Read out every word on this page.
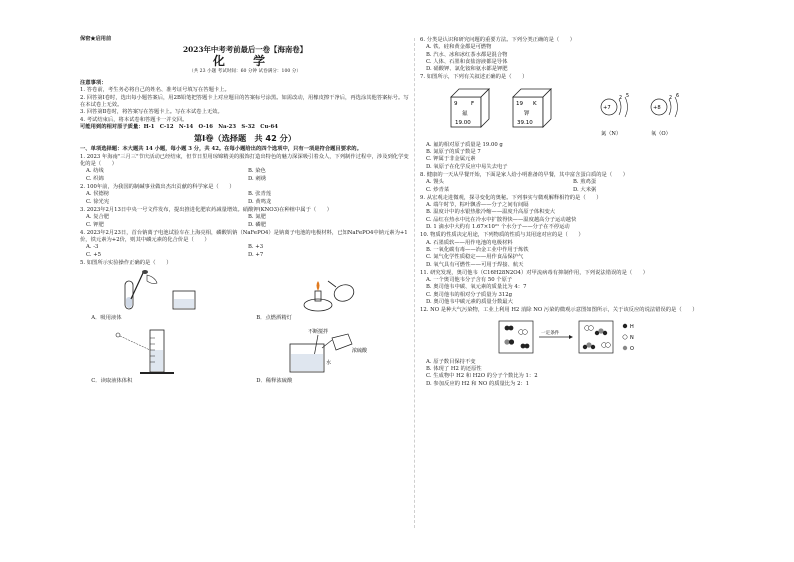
保密★启用前
2023年中考考前最后一卷【海南卷】
化 学
（共 23 小题 考试时间：60 分钟 试卷满分：100 分）
注意事项：

1. 答卷前，考生务必将自己的姓名、准考证号填写在答题卡上。

2. 回答第Ⅰ卷时，选出每小题答案后，用2B铅笔把答题卡上对应题目的答案标号涂黑。如需改动，用橡皮擦干净后，再选涂其他答案标号。写在本试卷上无效。

3. 回答第Ⅱ卷时，将答案写在答题卡上。写在本试卷上无效。

4. 考试结束后，将本试卷和答题卡一并交回。

可能用到的相对原子质量：H-1　C-12　N-14　O-16　Na-23　S-32　Cu-64
第Ⅰ卷（选择题　共 42 分）
一、单项选择题：本大题共 14 小题，每小题 3 分，共 42。在每小题给出的四个选项中，只有一项是符合题目要求的。
1. 2023 年海南"三月三"节庆活动已经结束，但节日里用琼锦精美的服饰打造出特色的魅力深深吸引着众人，下列制作过程中，涉及到化学变化的是（　　）
A. 纺线	B. 染色
C. 织锦	D. 刺绣
2. 100年前，为我国的制碱事业做出杰出贡献的科学家是（　　）
A. 侯德榜	B. 张青莲
C. 徐光宪	D. 黄鸣龙
3. 2023年2月13日中央一号文件发布，提出推进化肥农药减量增效。硝酸钾(KNO3)在种植中属于（　　）
A. 复合肥	B. 氮肥
C. 钾肥	D. 磷肥
4. 2023年2月23日，首台钠离子电池试验车在上海亮相，磷酸钒钠（NaFePO4）是钠离子电池的电极材料，已知NaFePO4中钠元素为+1价，铁元素为+2价，则其中磷元素的化合价是（　　）
A. -3	B. +3
C. +5	D. +7
5. 如图所示实验操作正确的是（　　）
A．吸用液体	B．点燃酒精灯
不断搅拌
浓硫酸
水
C．读取液体体积	D．稀释浓硫酸
6. 分类是认识和研究问题的重要方法。下列分类正确的是（　　）
A. 铁、硅和黄金都是可燃物
B. 汽水、冰和冰红茶水都是混合物
C. 人体、石墨和食盐溶液都是导体
D. 硝酸钾、氯化铵和氨水都是钾肥
7. 如图所示，下列有关叙述正确的是（　　）
9 F
氟
19.00
19 K
钾
39.10
+7
2 5
氮（N）
+8
2 6
氧（O）
A. 氟的相对原子质量是 19.00 g
B. 氮原子的质子数是 7
C. 钾属于非金属元素
D. 氧原子在化学反应中易失去电子
8. 健康的一天从早餐开始，下面是家人给小明准备的早餐，其中富含蛋白质的是（　　）
A. 馒头	B. 煎鸡蛋
C. 炒青菜	D. 大米粥
9. 从宏观走进微观，探寻变化的奥秘。下列事实与微观解释相符的是（　　）
A. 端午时节，粽叶飘香——分子之间有间隔
B. 温度计中的水银热胀冷缩——温度升高原子体积变大
C. 品红在热水中比在冷水中扩散得快——温度越高分子运动越快
D. 1 滴水中大约有 1.67×10²¹ 个水分子——分子在不停运动
10. 物质的性质决定用途，下列物质的性质与其用途对应的是（　　）
A. 石墨质软——用作电池的电极材料
B. 一氧化碳有毒——冶金工业中作用于炼铁
C. 氮气化学性质稳定——用作食品保护气
D. 氧气具有可燃性——可用于焊接、航天
11. 研究发现，奥司他韦（C16H28N2O4）对甲流病毒有抑制作用，下列说法错误的是（　　）
A. 一个奥司他韦分子含有 50 个原子
B. 奥司他韦中碳、氧元素的质量比为 4：7
C. 奥司他韦的相对分子质量为 312g
D. 奥司他韦中碳元素的质量分数最大
12. NO 是种大气污染物，工业上利用 H2 消除 NO 污染的微观示意图如图所示，关于该反应的说法错误的是（　　）
一定条件
H
N
O
A. 原子数目保持不变
B. 体现了 H2 的还原性
C. 生成物中 H2 和 H2O 的分子个数比为 1：2
D. 参加反应的 H2 和 NO 的质量比为 2：1
